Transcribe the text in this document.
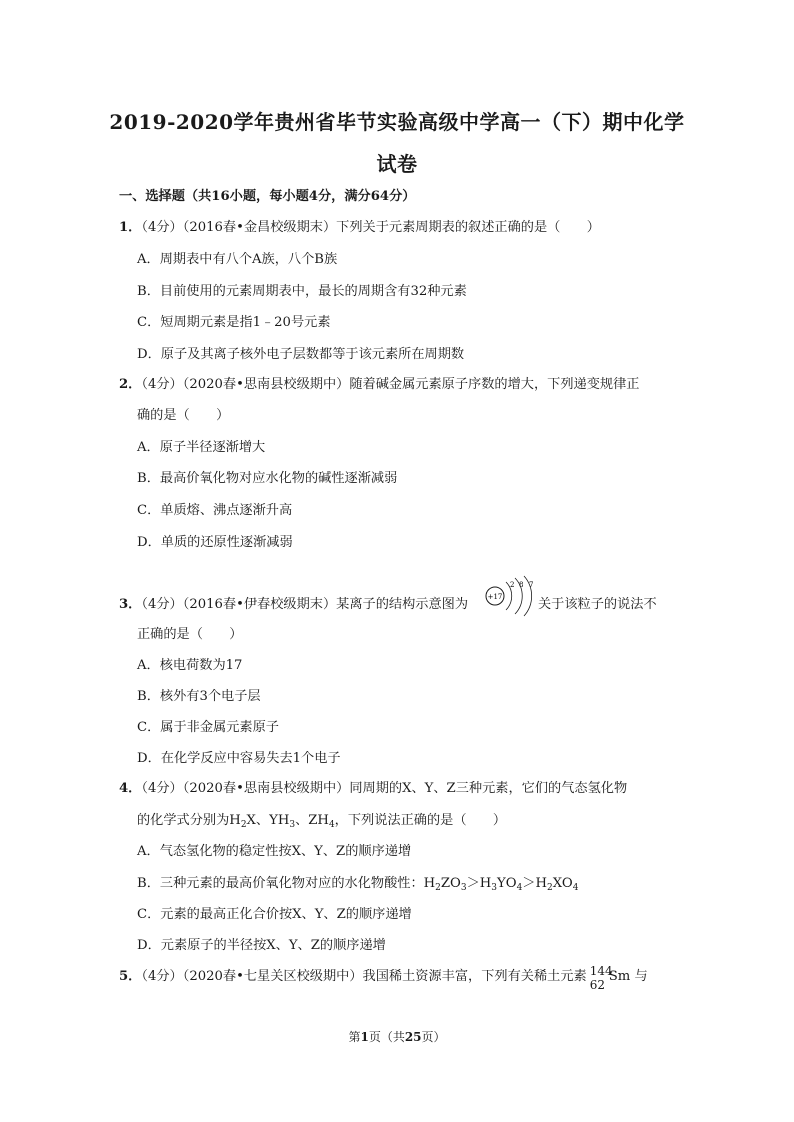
2019-2020学年贵州省毕节实验高级中学高一（下）期中化学
试卷
一、选择题（共16小题，每小题4分，满分64分）
1．（4分）（2016春•金昌校级期末）下列关于元素周期表的叙述正确的是（　　）
A．周期表中有八个A族，八个B族
B．目前使用的元素周期表中，最长的周期含有32种元素
C．短周期元素是指1﹣20号元素
D．原子及其离子核外电子层数都等于该元素所在周期数
2．（4分）（2020春•思南县校级期中）随着碱金属元素原子序数的增大，下列递变规律正
确的是（　　）
A．原子半径逐渐增大
B．最高价氧化物对应水化物的碱性逐渐减弱
C．单质熔、沸点逐渐升高
D．单质的还原性逐渐减弱
3．（4分）（2016春•伊春校级期末）某离子的结构示意图为	关于该粒子的说法不
+17
2 8 7
正确的是（　　）
A．核电荷数为17
B．核外有3个电子层
C．属于非金属元素原子
D．在化学反应中容易失去1个电子
4．（4分）（2020春•思南县校级期中）同周期的X、Y、Z三种元素，它们的气态氢化物
的化学式分别为$H_2X$、$YH_3$、$ZH_4$，下列说法正确的是（　　）
A．气态氢化物的稳定性按X、Y、Z的顺序递增
B．三种元素的最高价氧化物对应的水化物酸性：$H_2ZO_3>H_3YO_4>H_2XO_4$
C．元素的最高正化合价按X、Y、Z的顺序递增
D．元素原子的半径按X、Y、Z的顺序递增
5．（4分）（2020春•七星关区校级期中）我国稀土资源丰富，下列有关稀土元素 144
62
Sm 与
第1页（共25页）
